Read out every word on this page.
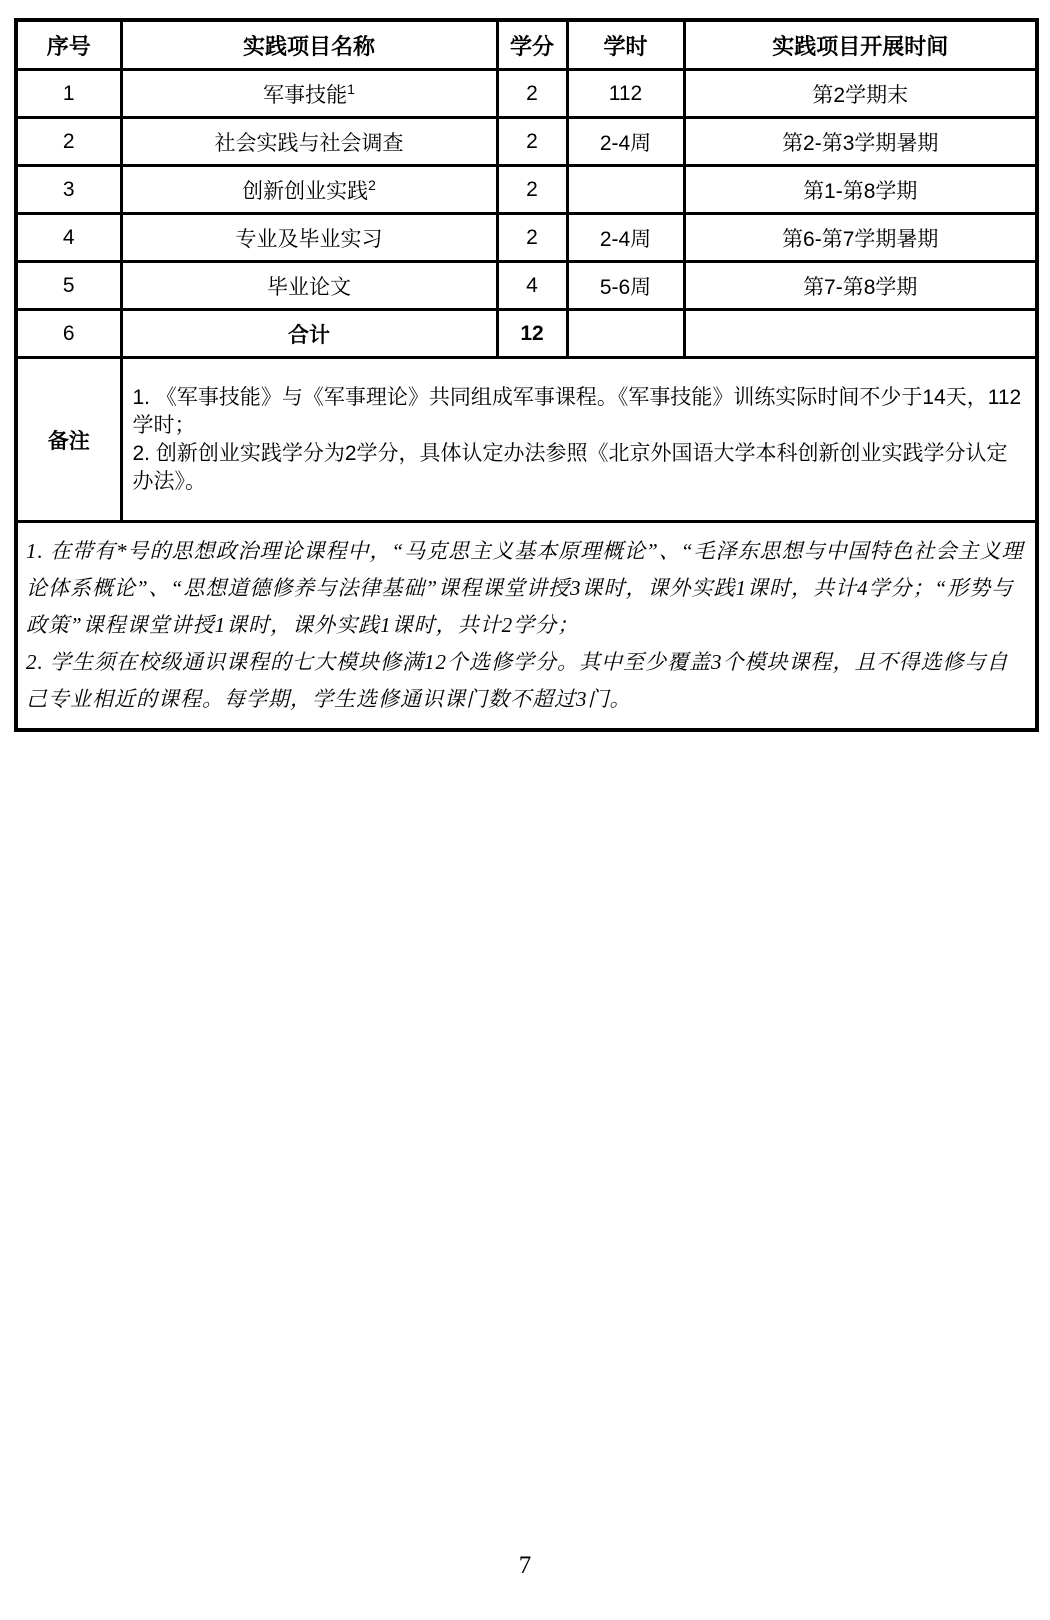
序号	实践项目名称	学分	学时	实践项目开展时间
1	军事技能$^1$	2	112	第2学期末
2	社会实践与社会调查	2	2-4周	第2-第3学期暑期
3	创新创业实践$^2$	2		第1-第8学期
4	专业及毕业实习	2	2-4周	第6-第7学期暑期
5	毕业论文	4	5-6周	第7-第8学期
6	合计	12		
备注	1. 《军事技能》与《军事理论》共同组成军事课程。《军事技能》训练实际时间不少于14天，112学时；

2. 创新创业实践学分为2学分，具体认定办法参照《北京外国语大学本科创新创业实践学分认定办法》。			

1. 在带有*号的思想政治理论课程中，“马克思主义基本原理概论”、“毛泽东思想与中国特色社会主义理论体系概论”、“思想道德修养与法律基础”课程课堂讲授3课时，课外实践1课时，共计4学分；“形势与政策”课程课堂讲授1课时，课外实践1课时，共计2学分；

2. 学生须在校级通识课程的七大模块修满12个选修学分。其中至少覆盖3个模块课程，且不得选修与自己专业相近的课程。每学期，学生选修通识课门数不超过3门。				

7
